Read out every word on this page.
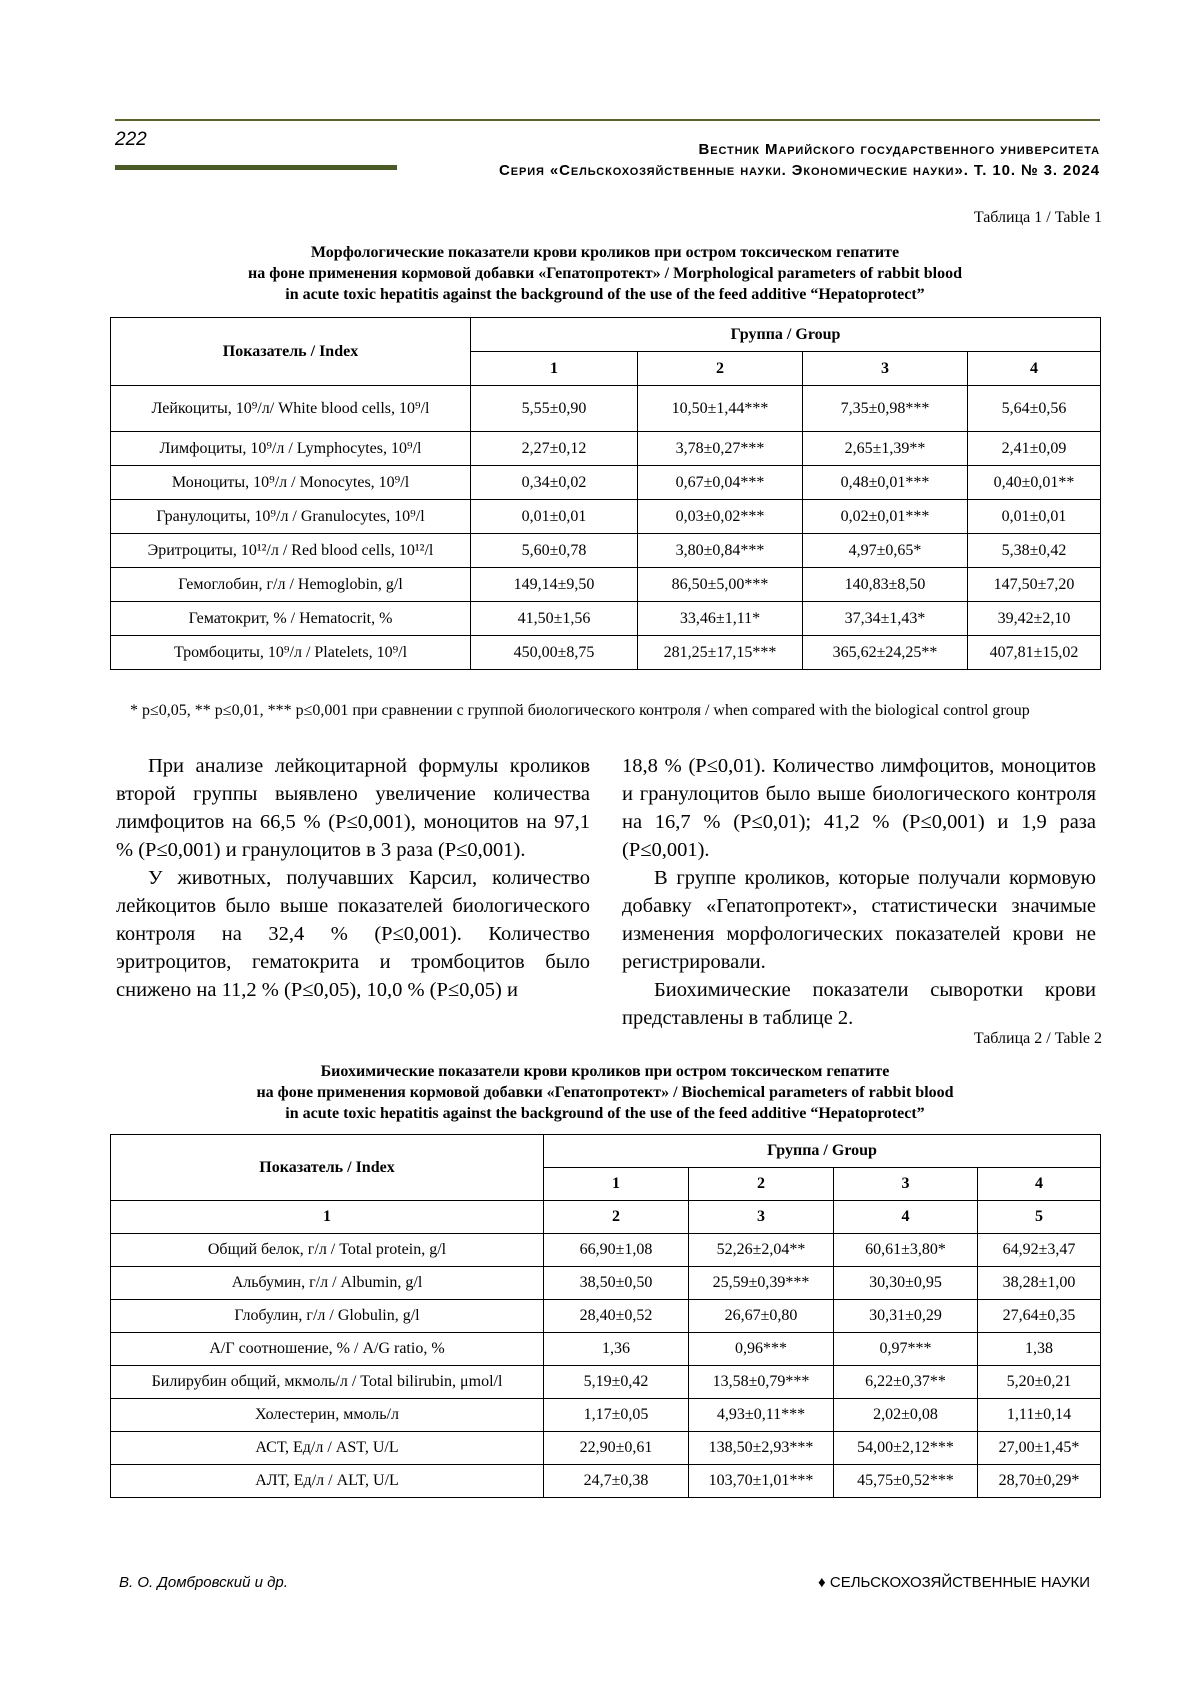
222	Вестник Марийского государственного университета
Серия «Сельскохозяйственные науки. Экономические науки». Т. 10. № 3. 2024
Таблица 1 / Table 1
Морфологические показатели крови кроликов при остром токсическом гепатите
на фоне применения кормовой добавки «Гепатопротект» / Morphological parameters of rabbit blood
in acute toxic hepatitis against the background of the use of the feed additive “Hepatoprotect”
Показатель / Index	Группа / Group			
	1	2	3	4
Лейкоциты, 10⁹/л/ White blood cells, 10⁹/l	5,55±0,90	10,50±1,44***	7,35±0,98***	5,64±0,56
Лимфоциты, 10⁹/л / Lymphocytes, 10⁹/l	2,27±0,12	3,78±0,27***	2,65±1,39**	2,41±0,09
Моноциты, 10⁹/л / Monocytes, 10⁹/l	0,34±0,02	0,67±0,04***	0,48±0,01***	0,40±0,01**
Гранулоциты, 10⁹/л / Granulocytes, 10⁹/l	0,01±0,01	0,03±0,02***	0,02±0,01***	0,01±0,01
Эритроциты, 10¹²/л / Red blood cells, 10¹²/l	5,60±0,78	3,80±0,84***	4,97±0,65*	5,38±0,42
Гемоглобин, г/л / Hemoglobin, g/l	149,14±9,50	86,50±5,00***	140,83±8,50	147,50±7,20
Гематокрит, % / Hematocrit, %	41,50±1,56	33,46±1,11*	37,34±1,43*	39,42±2,10
Тромбоциты, 10⁹/л / Platelets, 10⁹/l	450,00±8,75	281,25±17,15***	365,62±24,25**	407,81±15,02
* p≤0,05, ** p≤0,01, *** p≤0,001 при сравнении с группой биологического контроля / when compared with the biological control group

При анализе лейкоцитарной формулы кроликов второй группы выявлено увеличение количества лимфоцитов на 66,5 % (P≤0,001), моноцитов на 97,1 % (P≤0,001) и гранулоцитов в 3 раза (P≤0,001).

У животных, получавших Карсил, количество лейкоцитов было выше показателей биологического контроля на 32,4 % (P≤0,001). Количество эритроцитов, гематокрита и тромбоцитов было снижено на 11,2 % (P≤0,05), 10,0 % (P≤0,05) и

18,8 % (P≤0,01). Количество лимфоцитов, моноцитов и гранулоцитов было выше биологического контроля на 16,7 % (P≤0,01); 41,2 % (P≤0,001) и 1,9 раза (P≤0,001).

В группе кроликов, которые получали кормовую добавку «Гепатопротект», статистически значимые изменения морфологических показателей крови не регистрировали.

Биохимические показатели сыворотки крови представлены в таблице 2.

Таблица 2 / Table 2
Биохимические показатели крови кроликов при остром токсическом гепатите
на фоне применения кормовой добавки «Гепатопротект» / Biochemical parameters of rabbit blood
in acute toxic hepatitis against the background of the use of the feed additive “Hepatoprotect”
Показатель / Index	Группа / Group			
	1	2	3	4
1	2	3	4	5
Общий белок, г/л / Total protein, g/l	66,90±1,08	52,26±2,04**	60,61±3,80*	64,92±3,47
Альбумин, г/л / Albumin, g/l	38,50±0,50	25,59±0,39***	30,30±0,95	38,28±1,00
Глобулин, г/л / Globulin, g/l	28,40±0,52	26,67±0,80	30,31±0,29	27,64±0,35
А/Г соотношение, % / A/G ratio, %	1,36	0,96***	0,97***	1,38
Билирубин общий, мкмоль/л / Total bilirubin, μmol/l	5,19±0,42	13,58±0,79***	6,22±0,37**	5,20±0,21
Холестерин, ммоль/л	1,17±0,05	4,93±0,11***	2,02±0,08	1,11±0,14
АСТ, Ед/л / AST, U/L	22,90±0,61	138,50±2,93***	54,00±2,12***	27,00±1,45*
АЛТ, Ед/л / ALT, U/L	24,7±0,38	103,70±1,01***	45,75±0,52***	28,70±0,29*
В. О. Домбровский и др.	♦ СЕЛЬСКОХОЗЯЙСТВЕННЫЕ НАУКИ
